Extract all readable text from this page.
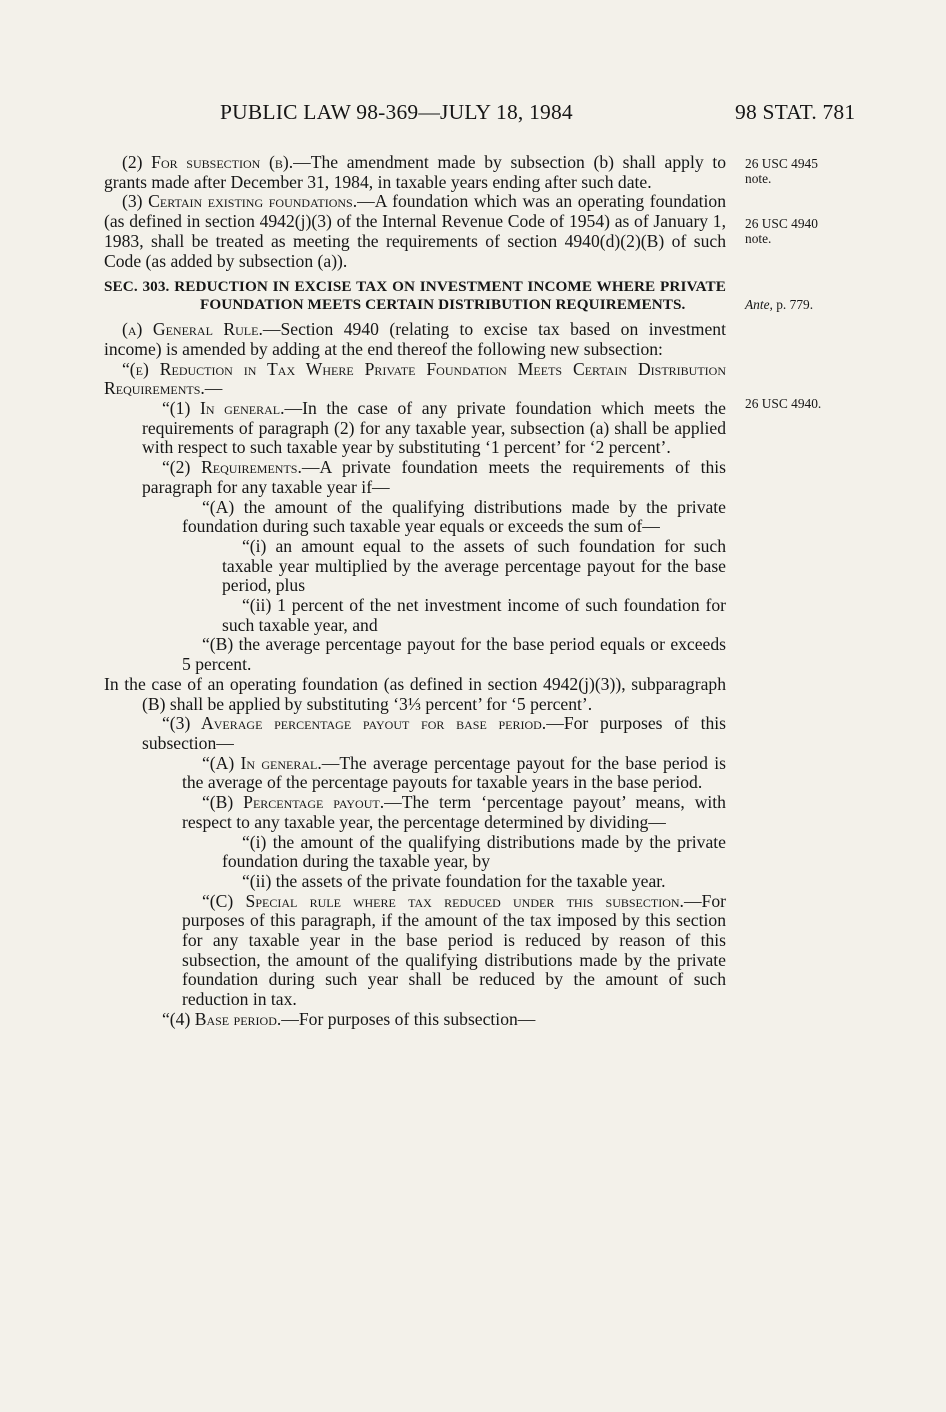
PUBLIC LAW 98-369—JULY 18, 1984	98 STAT. 781
26 USC 4945
note.
26 USC 4940
note.
Ante, p. 779.
26 USC 4940.

(2) For subsection (b).—The amendment made by subsection (b) shall apply to grants made after December 31, 1984, in taxable years ending after such date.

(3) Certain existing foundations.—A foundation which was an operating foundation (as defined in section 4942(j)(3) of the Internal Revenue Code of 1954) as of January 1, 1983, shall be treated as meeting the requirements of section 4940(d)(2)(B) of such Code (as added by subsection (a)).

SEC. 303. REDUCTION IN EXCISE TAX ON INVESTMENT INCOME WHERE PRIVATE FOUNDATION MEETS CERTAIN DISTRIBUTION REQUIREMENTS.

(a) General Rule.—Section 4940 (relating to excise tax based on investment income) is amended by adding at the end thereof the following new subsection:

“(e) Reduction in Tax Where Private Foundation Meets Certain Distribution Requirements.—

“(1) In general.—In the case of any private foundation which meets the requirements of paragraph (2) for any taxable year, subsection (a) shall be applied with respect to such taxable year by substituting ‘1 percent’ for ‘2 percent’.

“(2) Requirements.—A private foundation meets the requirements of this paragraph for any taxable year if—

“(A) the amount of the qualifying distributions made by the private foundation during such taxable year equals or exceeds the sum of—

“(i) an amount equal to the assets of such foundation for such taxable year multiplied by the average percentage payout for the base period, plus

“(ii) 1 percent of the net investment income of such foundation for such taxable year, and

“(B) the average percentage payout for the base period equals or exceeds 5 percent.

In the case of an operating foundation (as defined in section 4942(j)(3)), subparagraph (B) shall be applied by substituting ‘3⅓ percent’ for ‘5 percent’.

“(3) Average percentage payout for base period.—For purposes of this subsection—

“(A) In general.—The average percentage payout for the base period is the average of the percentage payouts for taxable years in the base period.

“(B) Percentage payout.—The term ‘percentage payout’ means, with respect to any taxable year, the percentage determined by dividing—

“(i) the amount of the qualifying distributions made by the private foundation during the taxable year, by

“(ii) the assets of the private foundation for the taxable year.

“(C) Special rule where tax reduced under this subsection.—For purposes of this paragraph, if the amount of the tax imposed by this section for any taxable year in the base period is reduced by reason of this subsection, the amount of the qualifying distributions made by the private foundation during such year shall be reduced by the amount of such reduction in tax.

“(4) Base period.—For purposes of this subsection—
